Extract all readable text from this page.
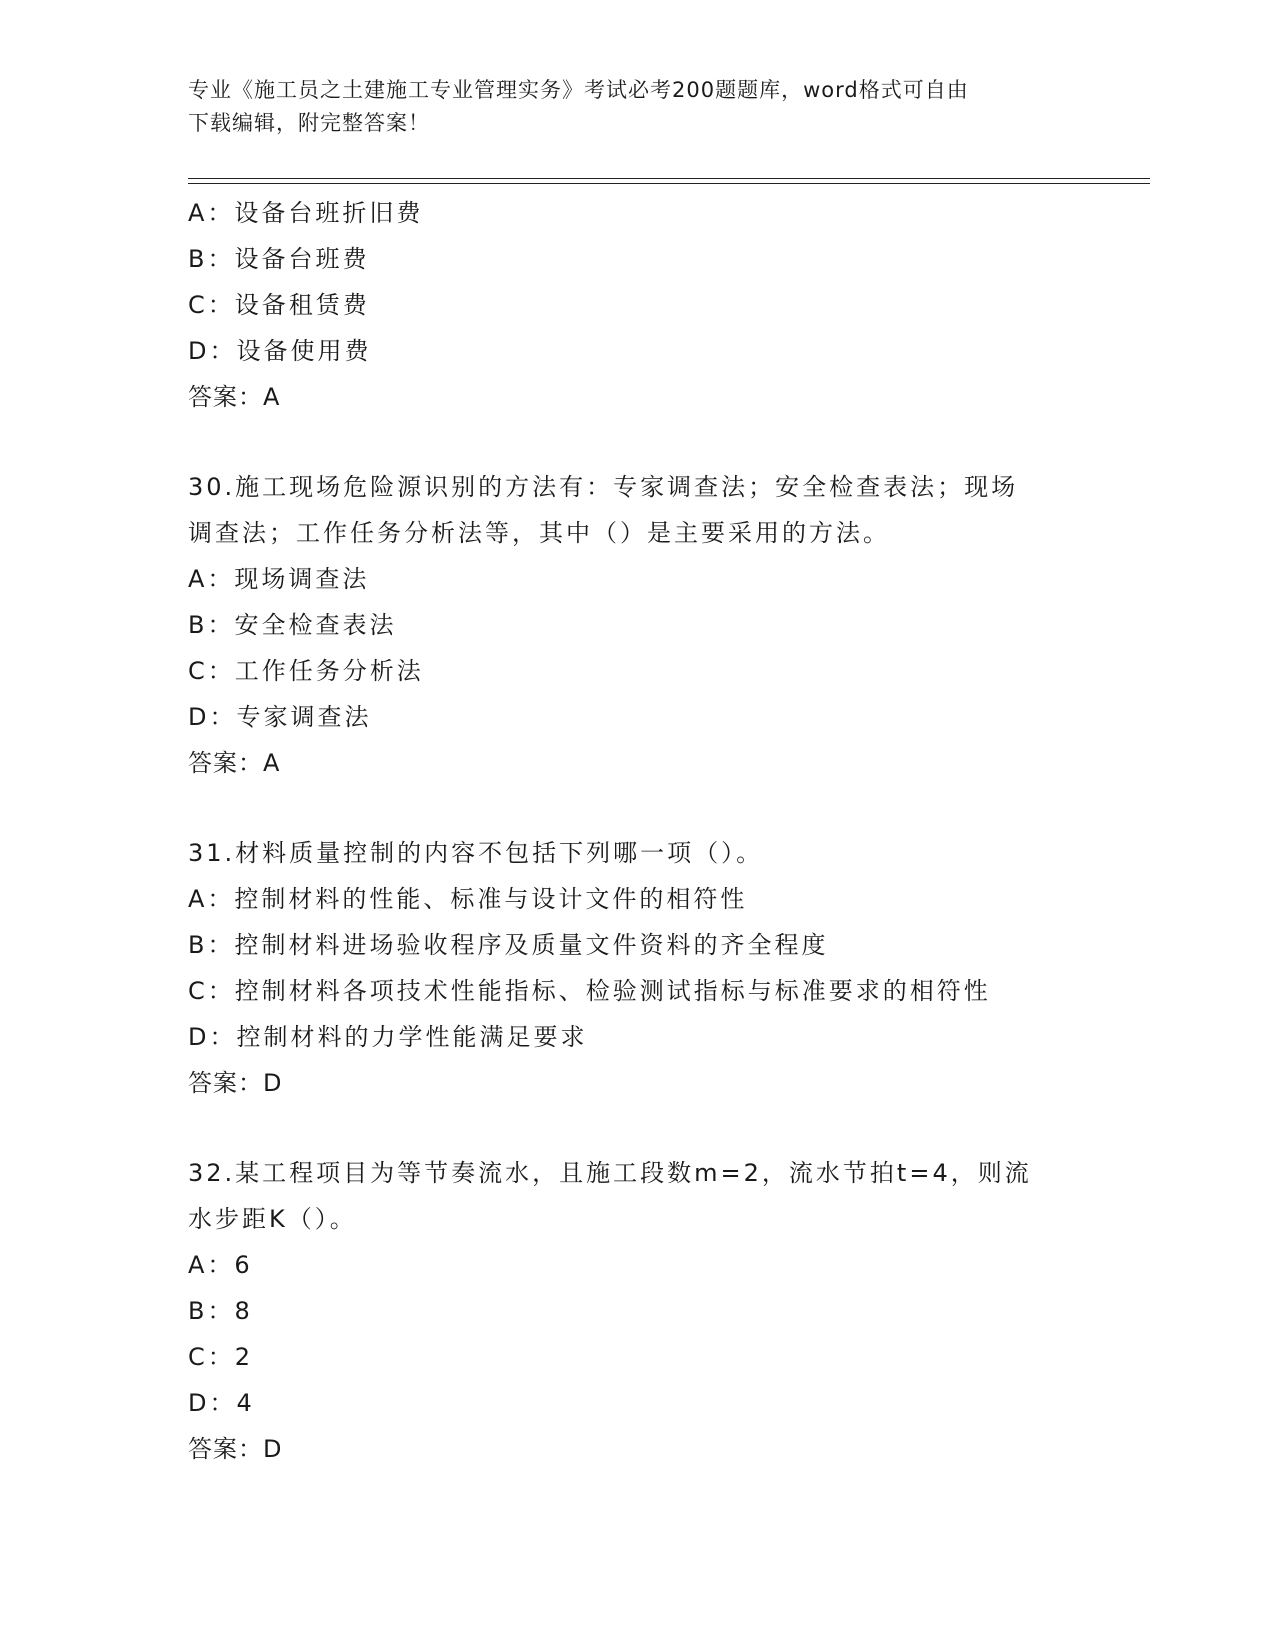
专业《施工员之土建施工专业管理实务》考试必考200题题库，word格式可自由
下载编辑，附完整答案！
A：设备台班折旧费
B：设备台班费
C：设备租赁费
D：设备使用费
答案：A
30.施工现场危险源识别的方法有：专家调查法；安全检查表法；现场
调查法；工作任务分析法等，其中（）是主要采用的方法。
A：现场调查法
B：安全检查表法
C：工作任务分析法
D：专家调查法
答案：A
31.材料质量控制的内容不包括下列哪一项（）。
A：控制材料的性能、标准与设计文件的相符性
B：控制材料进场验收程序及质量文件资料的齐全程度
C：控制材料各项技术性能指标、检验测试指标与标准要求的相符性
D：控制材料的力学性能满足要求
答案：D
32.某工程项目为等节奏流水，且施工段数m=2，流水节拍t=4，则流
水步距K（）。
A：6
B：8
C：2
D：4
答案：D
